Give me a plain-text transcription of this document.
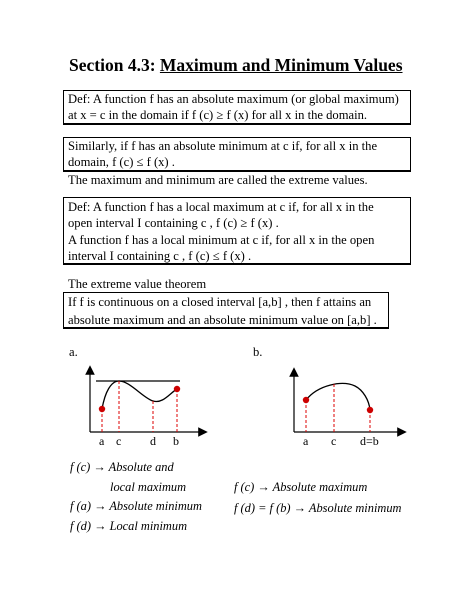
Section 4.3: Maximum and Minimum Values
Def: A function f has an absolute maximum (or global maximum)
at x = c in the domain if f (c) ≥ f (x) for all x in the domain.
Similarly, if f has an absolute minimum at c if, for all x in the
domain, f (c) ≤ f (x) .
The maximum and minimum are called the extreme values.
Def: A function f has a local maximum at c if, for all x in the
open interval I containing c , f (c) ≥ f (x) .
A function f has a local minimum at c if, for all x in the open
interval I containing c , f (c) ≤ f (x) .
The extreme value theorem
If f is continuous on a closed interval [a,b] , then f attains an
absolute maximum and an absolute minimum value on [a,b] .
a.	b.
a c d b	a c d=b
f (c) → Absolute and
local maximum
f (a) → Absolute minimum
f (d) → Local minimum
f (c) → Absolute maximum
f (d) = f (b) → Absolute minimum
